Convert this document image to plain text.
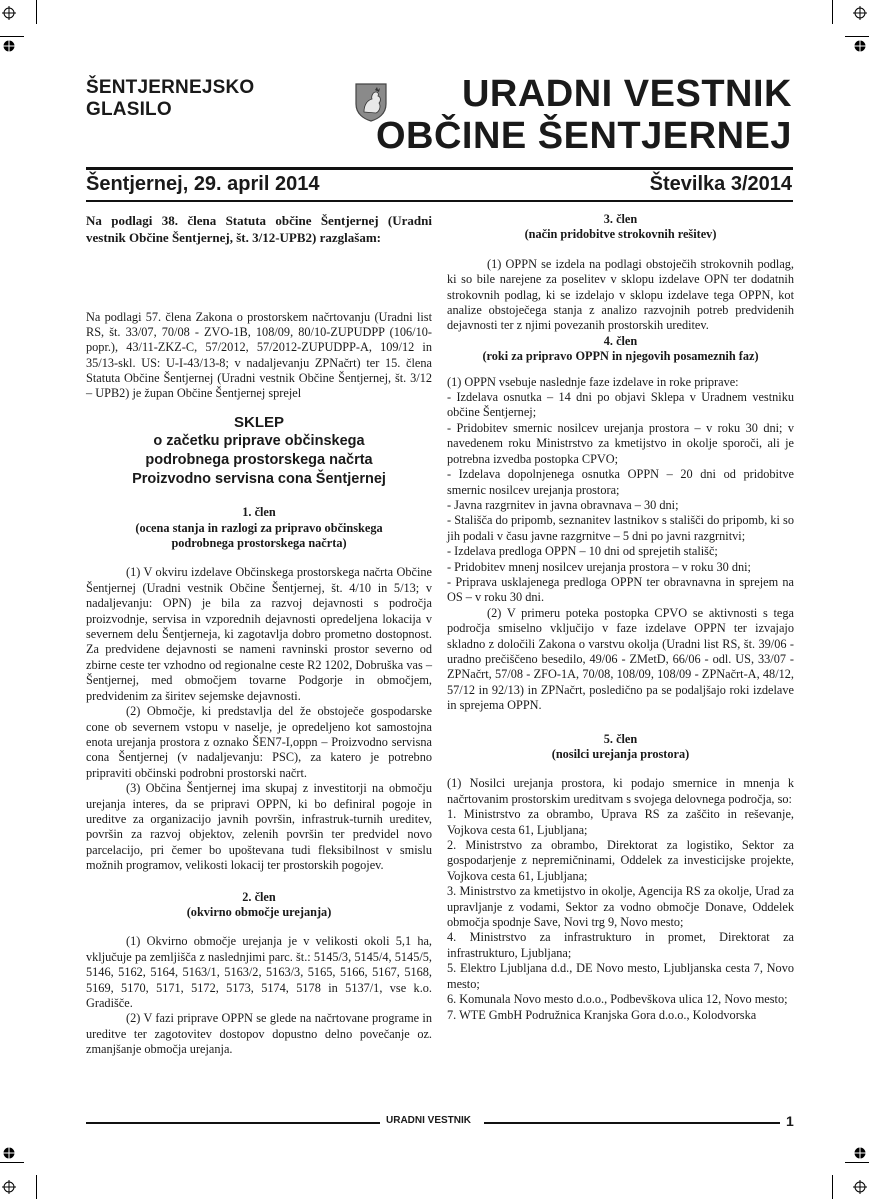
ŠENTJERNEJSKO
GLASILO	URADNI VESTNIK
OBČINE ŠENTJERNEJ
Šentjernej, 29. april 2014	Številka 3/2014

Na podlagi 38. člena Statuta občine Šentjernej (Uradni vestnik Občine Šentjernej, št. 3/12-UPB2) razglašam:

Na podlagi 57. člena Zakona o prostorskem načrtovanju (Uradni list RS, št. 33/07, 70/08 - ZVO-1B, 108/09, 80/10-ZUPUDPP (106/10-popr.), 43/11-ZKZ-C, 57/2012, 57/2012-ZUPUDPP-A, 109/12 in 35/13-skl. US: U-I-43/13-8; v nadaljevanju ZPNačrt) ter 15. člena Statuta Občine Šentjernej (Uradni vestnik Občine Šentjernej, št. 3/12 – UPB2) je župan Občine Šentjernej sprejel

SKLEP

o začetku priprave občinskega

podrobnega prostorskega načrta

Proizvodno servisna cona Šentjernej

1. člen

(ocena stanja in razlogi za pripravo občinskega podrobnega prostorskega načrta)

(1) V okviru izdelave Občinskega prostorskega načrta Občine Šentjernej (Uradni vestnik Občine Šentjernej, št. 4/10 in 5/13; v nadaljevanju: OPN) je bila za razvoj dejavnosti s področja proizvodnje, servisa in vzporednih dejavnosti opredeljena lokacija v severnem delu Šentjerneja, ki zagotavlja dobro prometno dostopnost. Za predvidene dejavnosti se nameni ravninski prostor severno od zbirne ceste ter vzhodno od regionalne ceste R2 1202, Dobruška vas – Šentjernej, med območjem tovarne Podgorje in območjem, predvidenim za širitev sejemske dejavnosti.

(2) Območje, ki predstavlja del že obstoječe gospodarske cone ob severnem vstopu v naselje, je opredeljeno kot samostojna enota urejanja prostora z oznako ŠEN7-I,oppn – Proizvodno servisna cona Šentjernej (v nadaljevanju: PSC), za katero je potrebno pripraviti občinski podrobni prostorski načrt.

(3) Občina Šentjernej ima skupaj z investitorji na območju urejanja interes, da se pripravi OPPN, ki bo definiral pogoje in ureditve za organizacijo javnih površin, infrastruk-turnih ureditev, površin za razvoj objektov, zelenih površin ter predvidel novo parcelacijo, pri čemer bo upoštevana tudi fleksibilnost v smislu možnih programov, velikosti lokacij ter prostorskih pogojev.

2. člen

(okvirno območje urejanja)

(1) Okvirno območje urejanja je v velikosti okoli 5,1 ha, vključuje pa zemljišča z naslednjimi parc. št.: 5145/3, 5145/4, 5145/5, 5146, 5162, 5164, 5163/1, 5163/2, 5163/3, 5165, 5166, 5167, 5168, 5169, 5170, 5171, 5172, 5173, 5174, 5178 in 5137/1, vse k.o. Gradišče.

(2) V fazi priprave OPPN se glede na načrtovane programe in ureditve ter zagotovitev dostopov dopustno delno povečanje oz. zmanjšanje območja urejanja.

3. člen

(način pridobitve strokovnih rešitev)

(1) OPPN se izdela na podlagi obstoječih strokovnih podlag, ki so bile narejene za poselitev v sklopu izdelave OPN ter dodatnih strokovnih podlag, ki se izdelajo v sklopu izdelave tega OPPN, kot analize obstoječega stanja z analizo razvojnih potreb predvidenih dejavnosti ter z njimi povezanih prostorskih ureditev.

4. člen

(roki za pripravo OPPN in njegovih posameznih faz)

(1) OPPN vsebuje naslednje faze izdelave in roke priprave:

- Izdelava osnutka – 14 dni po objavi Sklepa v Uradnem vestniku občine Šentjernej;

- Pridobitev smernic nosilcev urejanja prostora – v roku 30 dni; v navedenem roku Ministrstvo za kmetijstvo in okolje sporoči, ali je potrebna izvedba postopka CPVO;

- Izdelava dopolnjenega osnutka OPPN – 20 dni od pridobitve smernic nosilcev urejanja prostora;

- Javna razgrnitev in javna obravnava – 30 dni;

- Stališča do pripomb, seznanitev lastnikov s stališči do pripomb, ki so jih podali v času javne razgrnitve – 5 dni po javni razgrnitvi;

- Izdelava predloga OPPN – 10 dni od sprejetih stališč;

- Pridobitev mnenj nosilcev urejanja prostora – v roku 30 dni;

- Priprava usklajenega predloga OPPN ter obravnavna in sprejem na OS – v roku 30 dni.

(2) V primeru poteka postopka CPVO se aktivnosti s tega področja smiselno vključijo v faze izdelave OPPN ter izvajajo skladno z določili Zakona o varstvu okolja (Uradni list RS, št. 39/06 - uradno prečiščeno besedilo, 49/06 - ZMetD, 66/06 - odl. US, 33/07 - ZPNačrt, 57/08 - ZFO-1A, 70/08, 108/09, 108/09 - ZPNačrt-A, 48/12, 57/12 in 92/13) in ZPNačrt, posledično pa se podaljšajo roki izdelave in sprejema OPPN.

5. člen

(nosilci urejanja prostora)

(1) Nosilci urejanja prostora, ki podajo smernice in mnenja k načrtovanim prostorskim ureditvam s svojega delovnega področja, so:

1. Ministrstvo za obrambo, Uprava RS za zaščito in reševanje, Vojkova cesta 61, Ljubljana;

2. Ministrstvo za obrambo, Direktorat za logistiko, Sektor za gospodarjenje z nepremičninami, Oddelek za investicijske projekte, Vojkova cesta 61, Ljubljana;

3. Ministrstvo za kmetijstvo in okolje, Agencija RS za okolje, Urad za upravljanje z vodami, Sektor za vodno območje Donave, Oddelek območja spodnje Save, Novi trg 9, Novo mesto;

4. Ministrstvo za infrastrukturo in promet, Direktorat za infrastrukturo, Ljubljana;

5. Elektro Ljubljana d.d., DE Novo mesto, Ljubljanska cesta 7, Novo mesto;

6. Komunala Novo mesto d.o.o., Podbevškova ulica 12, Novo mesto;

7. WTE GmbH Podružnica Kranjska Gora d.o.o., Kolodvorska

URADNI VESTNIK	1
